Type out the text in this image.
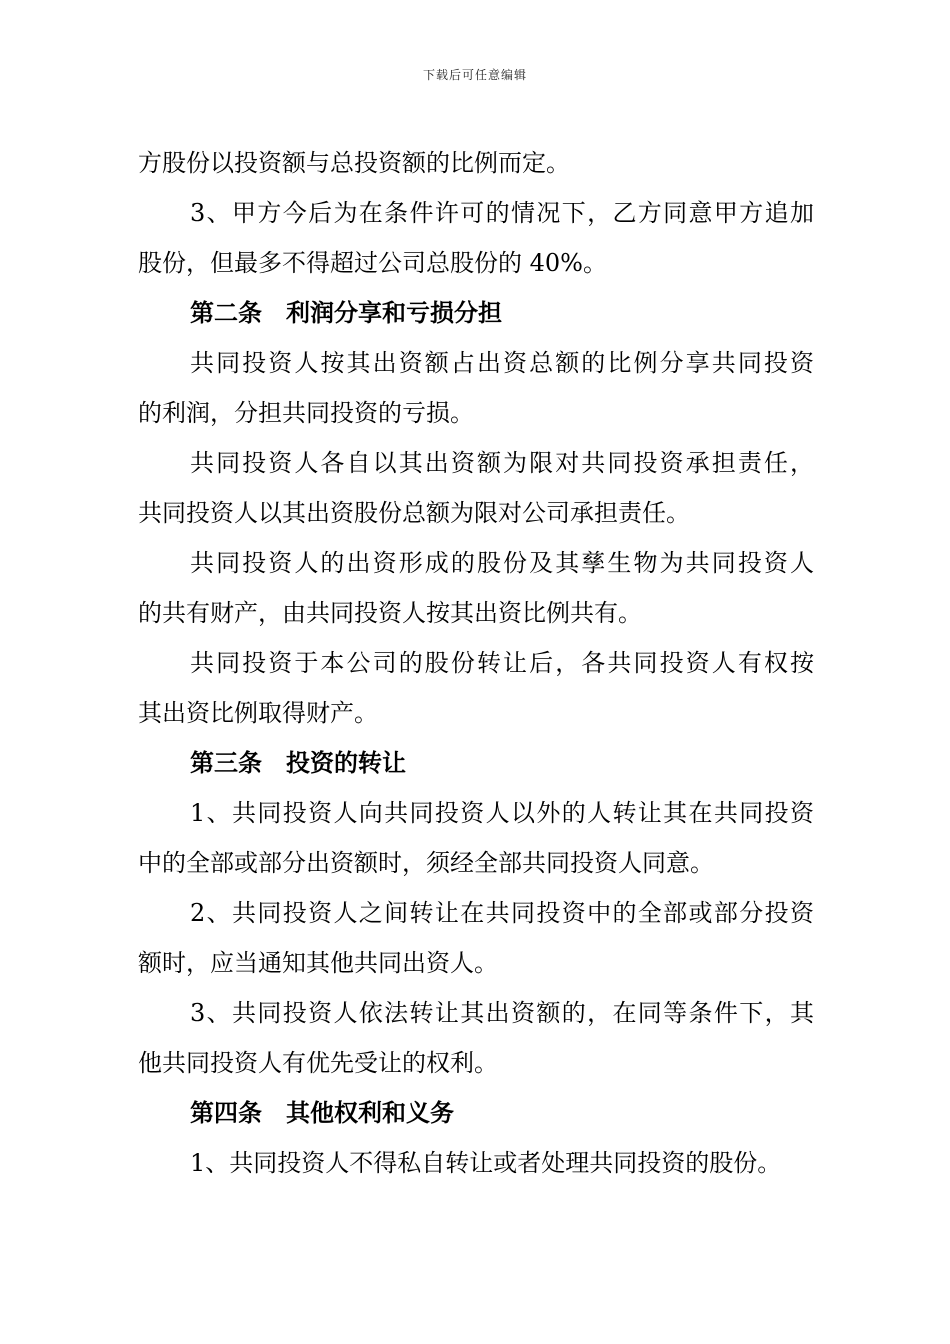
下载后可任意编辑
方股份以投资额与总投资额的比例而定。
3、甲方今后为在条件许可的情况下，乙方同意甲方追加
股份，但最多不得超过公司总股份的 40%。
第二条　利润分享和亏损分担
共同投资人按其出资额占出资总额的比例分享共同投资
的利润，分担共同投资的亏损。
共同投资人各自以其出资额为限对共同投资承担责任，
共同投资人以其出资股份总额为限对公司承担责任。
共同投资人的出资形成的股份及其孳生物为共同投资人
的共有财产，由共同投资人按其出资比例共有。
共同投资于本公司的股份转让后，各共同投资人有权按
其出资比例取得财产。
第三条　投资的转让
1、共同投资人向共同投资人以外的人转让其在共同投资
中的全部或部分出资额时，须经全部共同投资人同意。
2、共同投资人之间转让在共同投资中的全部或部分投资
额时，应当通知其他共同出资人。
3、共同投资人依法转让其出资额的，在同等条件下，其
他共同投资人有优先受让的权利。
第四条　其他权利和义务
1、共同投资人不得私自转让或者处理共同投资的股份。
